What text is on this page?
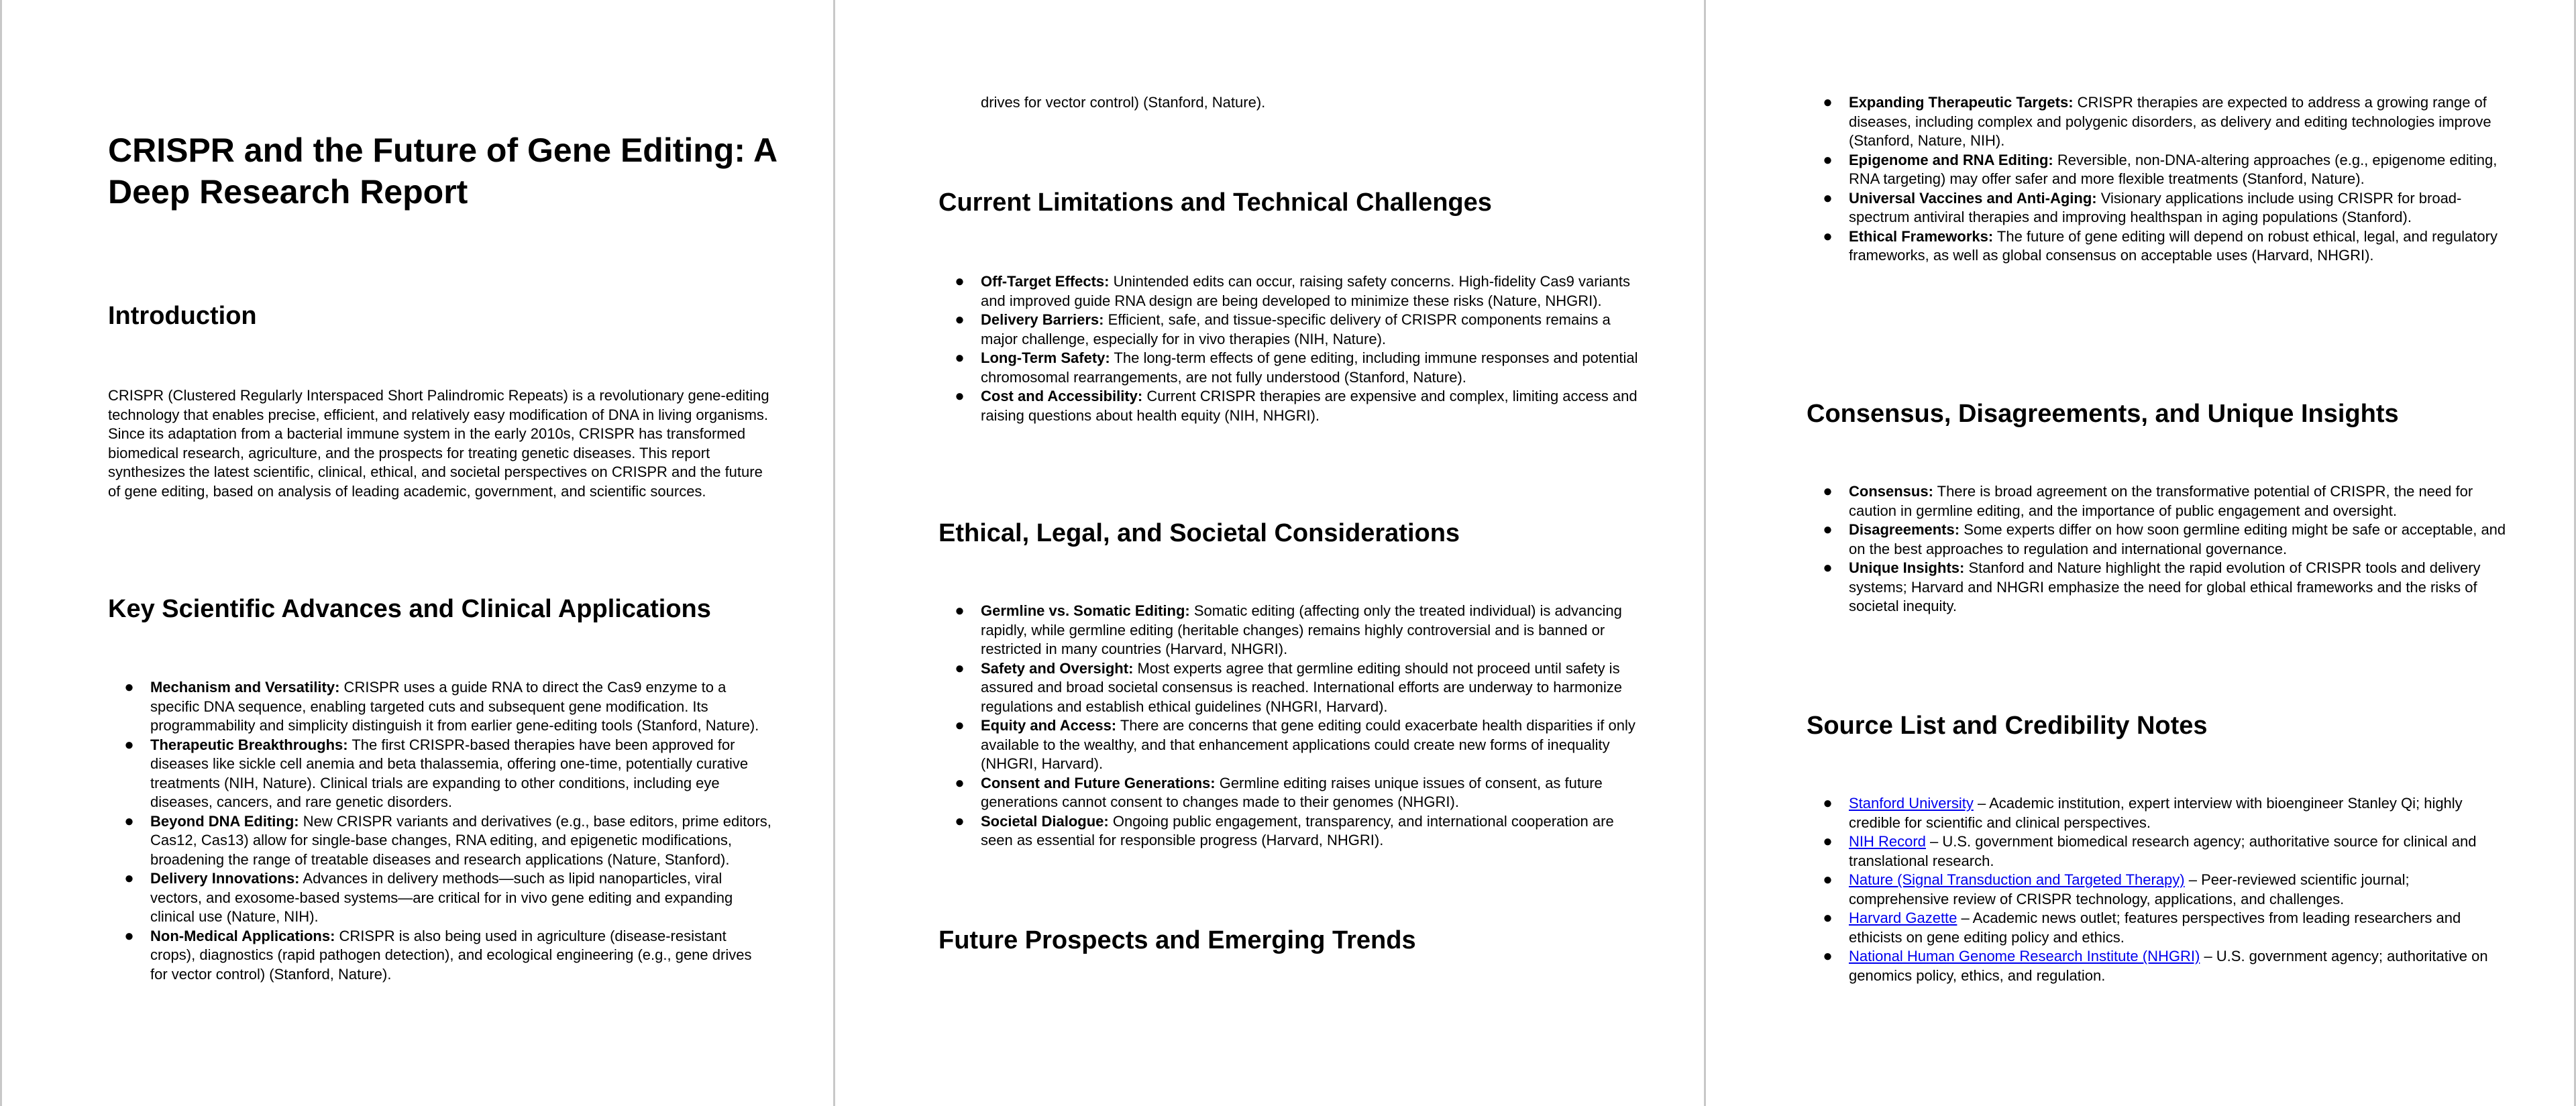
CRISPR and the Future of Gene Editing: A Deep Research Report
Introduction

CRISPR (Clustered Regularly Interspaced Short Palindromic Repeats) is a revolutionary gene-editing technology that enables precise, efficient, and relatively easy modification of DNA in living organisms. Since its adaptation from a bacterial immune system in the early 2010s, CRISPR has transformed biomedical research, agriculture, and the prospects for treating genetic diseases. This report synthesizes the latest scientific, clinical, ethical, and societal perspectives on CRISPR and the future of gene editing, based on analysis of leading academic, government, and scientific sources.

Key Scientific Advances and Clinical Applications
●	Mechanism and Versatility: CRISPR uses a guide RNA to direct the Cas9 enzyme to a specific DNA sequence, enabling targeted cuts and subsequent gene modification. Its programmability and simplicity distinguish it from earlier gene-editing tools (Stanford, Nature).
●	Therapeutic Breakthroughs: The first CRISPR-based therapies have been approved for diseases like sickle cell anemia and beta thalassemia, offering one-time, potentially curative treatments (NIH, Nature). Clinical trials are expanding to other conditions, including eye diseases, cancers, and rare genetic disorders.
●	Beyond DNA Editing: New CRISPR variants and derivatives (e.g., base editors, prime editors, Cas12, Cas13) allow for single-base changes, RNA editing, and epigenetic modifications, broadening the range of treatable diseases and research applications (Nature, Stanford).
●	Delivery Innovations: Advances in delivery methods—such as lipid nanoparticles, viral vectors, and exosome-based systems—are critical for in vivo gene editing and expanding clinical use (Nature, NIH).
●	Non-Medical Applications: CRISPR is also being used in agriculture (disease-resistant crops), diagnostics (rapid pathogen detection), and ecological engineering (e.g., gene drives for vector control) (Stanford, Nature).

drives for vector control) (Stanford, Nature).

Current Limitations and Technical Challenges
●	Off-Target Effects: Unintended edits can occur, raising safety concerns. High-fidelity Cas9 variants and improved guide RNA design are being developed to minimize these risks (Nature, NHGRI).
●	Delivery Barriers: Efficient, safe, and tissue-specific delivery of CRISPR components remains a major challenge, especially for in vivo therapies (NIH, Nature).
●	Long-Term Safety: The long-term effects of gene editing, including immune responses and potential chromosomal rearrangements, are not fully understood (Stanford, Nature).
●	Cost and Accessibility: Current CRISPR therapies are expensive and complex, limiting access and raising questions about health equity (NIH, NHGRI).
Ethical, Legal, and Societal Considerations
●	Germline vs. Somatic Editing: Somatic editing (affecting only the treated individual) is advancing rapidly, while germline editing (heritable changes) remains highly controversial and is banned or restricted in many countries (Harvard, NHGRI).
●	Safety and Oversight: Most experts agree that germline editing should not proceed until safety is assured and broad societal consensus is reached. International efforts are underway to harmonize regulations and establish ethical guidelines (NHGRI, Harvard).
●	Equity and Access: There are concerns that gene editing could exacerbate health disparities if only available to the wealthy, and that enhancement applications could create new forms of inequality (NHGRI, Harvard).
●	Consent and Future Generations: Germline editing raises unique issues of consent, as future generations cannot consent to changes made to their genomes (NHGRI).
●	Societal Dialogue: Ongoing public engagement, transparency, and international cooperation are seen as essential for responsible progress (Harvard, NHGRI).
Future Prospects and Emerging Trends
●	Expanding Therapeutic Targets: CRISPR therapies are expected to address a growing range of diseases, including complex and polygenic disorders, as delivery and editing technologies improve (Stanford, Nature, NIH).
●	Epigenome and RNA Editing: Reversible, non-DNA-altering approaches (e.g., epigenome editing, RNA targeting) may offer safer and more flexible treatments (Stanford, Nature).
●	Universal Vaccines and Anti-Aging: Visionary applications include using CRISPR for broad-spectrum antiviral therapies and improving healthspan in aging populations (Stanford).
●	Ethical Frameworks: The future of gene editing will depend on robust ethical, legal, and regulatory frameworks, as well as global consensus on acceptable uses (Harvard, NHGRI).
Consensus, Disagreements, and Unique Insights
●	Consensus: There is broad agreement on the transformative potential of CRISPR, the need for caution in germline editing, and the importance of public engagement and oversight.
●	Disagreements: Some experts differ on how soon germline editing might be safe or acceptable, and on the best approaches to regulation and international governance.
●	Unique Insights: Stanford and Nature highlight the rapid evolution of CRISPR tools and delivery systems; Harvard and NHGRI emphasize the need for global ethical frameworks and the risks of societal inequity.
Source List and Credibility Notes
●	Stanford University – Academic institution, expert interview with bioengineer Stanley Qi; highly credible for scientific and clinical perspectives.
●	NIH Record – U.S. government biomedical research agency; authoritative source for clinical and translational research.
●	Nature (Signal Transduction and Targeted Therapy) – Peer-reviewed scientific journal; comprehensive review of CRISPR technology, applications, and challenges.
●	Harvard Gazette – Academic news outlet; features perspectives from leading researchers and ethicists on gene editing policy and ethics.
●	National Human Genome Research Institute (NHGRI) – U.S. government agency; authoritative on genomics policy, ethics, and regulation.
